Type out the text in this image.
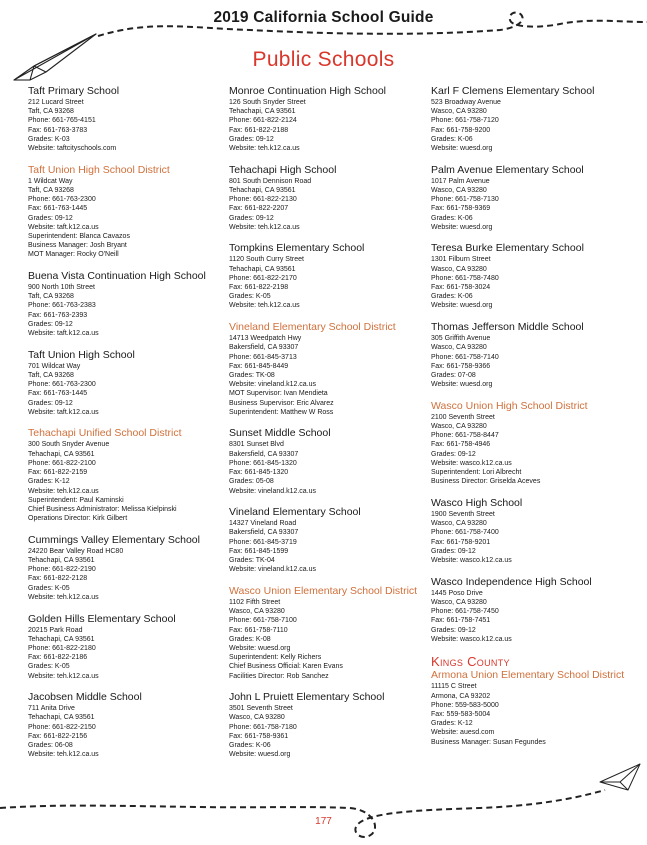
2019 California School Guide
Public Schools
Taft Primary School
212 Lucard Street
Taft, CA 93268
Phone: 661-765-4151
Fax: 661-763-3783
Grades: K-03
Website: taftcityschools.com
Taft Union High School District
1 Wildcat Way
Taft, CA 93268
Phone: 661-763-2300
Fax: 661-763-1445
Grades: 09-12
Website: taft.k12.ca.us
Superintendent: Blanca Cavazos
Business Manager: Josh Bryant
MOT Manager: Rocky O'Neill
Buena Vista Continuation High School
900 North 10th Street
Taft, CA 93268
Phone: 661-763-2383
Fax: 661-763-2393
Grades: 09-12
Website: taft.k12.ca.us
Taft Union High School
701 Wildcat Way
Taft, CA 93268
Phone: 661-763-2300
Fax: 661-763-1445
Grades: 09-12
Website: taft.k12.ca.us
Tehachapi Unified School District
300 South Snyder Avenue
Tehachapi, CA 93561
Phone: 661-822-2100
Fax: 661-822-2159
Grades: K-12
Website: teh.k12.ca.us
Superintendent: Paul Kaminski
Chief Business Administrator: Melissa Kielpinski
Operations Director: Kirk Gilbert
Cummings Valley Elementary School
24220 Bear Valley Road HC80
Tehachapi, CA 93561
Phone: 661-822-2190
Fax: 661-822-2128
Grades: K-05
Website: teh.k12.ca.us
Golden Hills Elementary School
20215 Park Road
Tehachapi, CA 93561
Phone: 661-822-2180
Fax: 661-822-2186
Grades: K-05
Website: teh.k12.ca.us
Jacobsen Middle School
711 Anita Drive
Tehachapi, CA 93561
Phone: 661-822-2150
Fax: 661-822-2156
Grades: 06-08
Website: teh.k12.ca.us
Monroe Continuation High School
126 South Snyder Street
Tehachapi, CA 93561
Phone: 661-822-2124
Fax: 661-822-2188
Grades: 09-12
Website: teh.k12.ca.us
Tehachapi High School
801 South Dennison Road
Tehachapi, CA 93561
Phone: 661-822-2130
Fax: 661-822-2207
Grades: 09-12
Website: teh.k12.ca.us
Tompkins Elementary School
1120 South Curry Street
Tehachapi, CA 93561
Phone: 661-822-2170
Fax: 661-822-2198
Grades: K-05
Website: teh.k12.ca.us
Vineland Elementary School District
14713 Weedpatch Hwy
Bakersfield, CA 93307
Phone: 661-845-3713
Fax: 661-845-8449
Grades: TK-08
Website: vineland.k12.ca.us
MOT Supervisor: Ivan Mendieta
Business Supervisor: Eric Alvarez
Superintendent: Matthew W Ross
Sunset Middle School
8301 Sunset Blvd
Bakersfield, CA 93307
Phone: 661-845-1320
Fax: 661-845-1320
Grades: 05-08
Website: vineland.k12.ca.us
Vineland Elementary School
14327 Vineland Road
Bakersfield, CA 93307
Phone: 661-845-3719
Fax: 661-845-1599
Grades: TK-04
Website: vineland.k12.ca.us
Wasco Union Elementary School District
1102 Fifth Street
Wasco, CA 93280
Phone: 661-758-7100
Fax: 661-758-7110
Grades: K-08
Website: wuesd.org
Superintendent: Kelly Richers
Chief Business Official: Karen Evans
Facilities Director: Rob Sanchez
John L Pruiett Elementary School
3501 Seventh Street
Wasco, CA 93280
Phone: 661-758-7180
Fax: 661-758-9361
Grades: K-06
Website: wuesd.org
Karl F Clemens Elementary School
523 Broadway Avenue
Wasco, CA 93280
Phone: 661-758-7120
Fax: 661-758-9200
Grades: K-06
Website: wuesd.org
Palm Avenue Elementary School
1017 Palm Avenue
Wasco, CA 93280
Phone: 661-758-7130
Fax: 661-758-9369
Grades: K-06
Website: wuesd.org
Teresa Burke Elementary School
1301 Filburn Street
Wasco, CA 93280
Phone: 661-758-7480
Fax: 661-758-3024
Grades: K-06
Website: wuesd.org
Thomas Jefferson Middle School
305 Griffith Avenue
Wasco, CA 93280
Phone: 661-758-7140
Fax: 661-758-9366
Grades: 07-08
Website: wuesd.org
Wasco Union High School District
2100 Seventh Street
Wasco, CA 93280
Phone: 661-758-8447
Fax: 661-758-4946
Grades: 09-12
Website: wasco.k12.ca.us
Superintendent: Lori Albrecht
Business Director: Griselda Aceves
Wasco High School
1900 Seventh Street
Wasco, CA 93280
Phone: 661-758-7400
Fax: 661-758-9201
Grades: 09-12
Website: wasco.k12.ca.us
Wasco Independence High School
1445 Poso Drive
Wasco, CA 93280
Phone: 661-758-7450
Fax: 661-758-7451
Grades: 09-12
Website: wasco.k12.ca.us
Kings County
Armona Union Elementary School District
11115 C Street
Armona, CA 93202
Phone: 559-583-5000
Fax: 559-583-5004
Grades: K-12
Website: auesd.com
Business Manager: Susan Fegundes
177
